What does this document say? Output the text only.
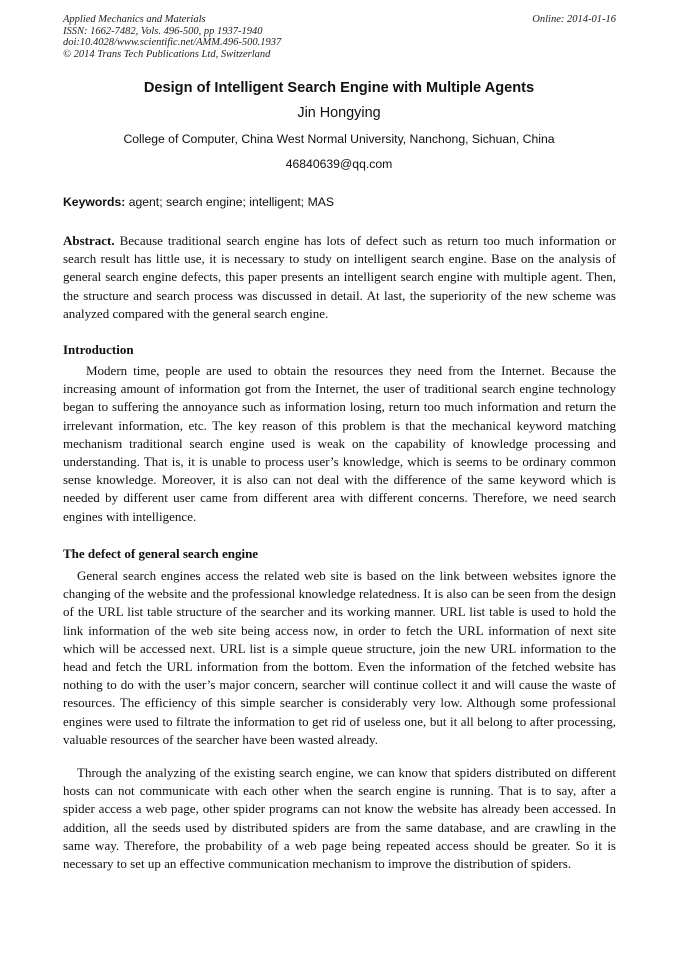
Applied Mechanics and Materials
ISSN: 1662-7482, Vols. 496-500, pp 1937-1940
doi:10.4028/www.scientific.net/AMM.496-500.1937
© 2014 Trans Tech Publications Ltd, Switzerland
Online: 2014-01-16
Design of Intelligent Search Engine with Multiple Agents
Jin Hongying
College of Computer, China West Normal University, Nanchong, Sichuan, China
46840639@qq.com
Keywords: agent; search engine; intelligent; MAS
Abstract. Because traditional search engine has lots of defect such as return too much information or search result has little use, it is necessary to study on intelligent search engine. Base on the analysis of general search engine defects, this paper presents an intelligent search engine with multiple agent. Then, the structure and search process was discussed in detail. At last, the superiority of the new scheme was analyzed compared with the general search engine.
Introduction
Modern time, people are used to obtain the resources they need from the Internet. Because the increasing amount of information got from the Internet, the user of traditional search engine technology began to suffering the annoyance such as information losing, return too much information and return the irrelevant information, etc. The key reason of this problem is that the mechanical keyword matching mechanism traditional search engine used is weak on the capability of knowledge processing and understanding. That is, it is unable to process user’s knowledge, which is seems to be ordinary common sense knowledge. Moreover, it is also can not deal with the difference of the same keyword which is needed by different user came from different area with different concerns. Therefore, we need search engines with intelligence.
The defect of general search engine
General search engines access the related web site is based on the link between websites ignore the changing of the website and the professional knowledge relatedness. It is also can be seen from the design of the URL list table structure of the searcher and its working manner. URL list table is used to hold the link information of the web site being access now, in order to fetch the URL information of next site which will be accessed next. URL list is a simple queue structure, join the new URL information to the head and fetch the URL information from the bottom. Even the information of the fetched website has nothing to do with the user’s major concern, searcher will continue collect it and will cause the waste of resources. The efficiency of this simple searcher is considerably very low. Although some professional engines were used to filtrate the information to get rid of useless one, but it all belong to after processing, valuable resources of the searcher have been wasted already.
Through the analyzing of the existing search engine, we can know that spiders distributed on different hosts can not communicate with each other when the search engine is running. That is to say, after a spider access a web page, other spider programs can not know the website has already been accessed. In addition, all the seeds used by distributed spiders are from the same database, and are crawling in the same way. Therefore, the probability of a web page being repeated access should be greater. So it is necessary to set up an effective communication mechanism to improve the distribution of spiders.
